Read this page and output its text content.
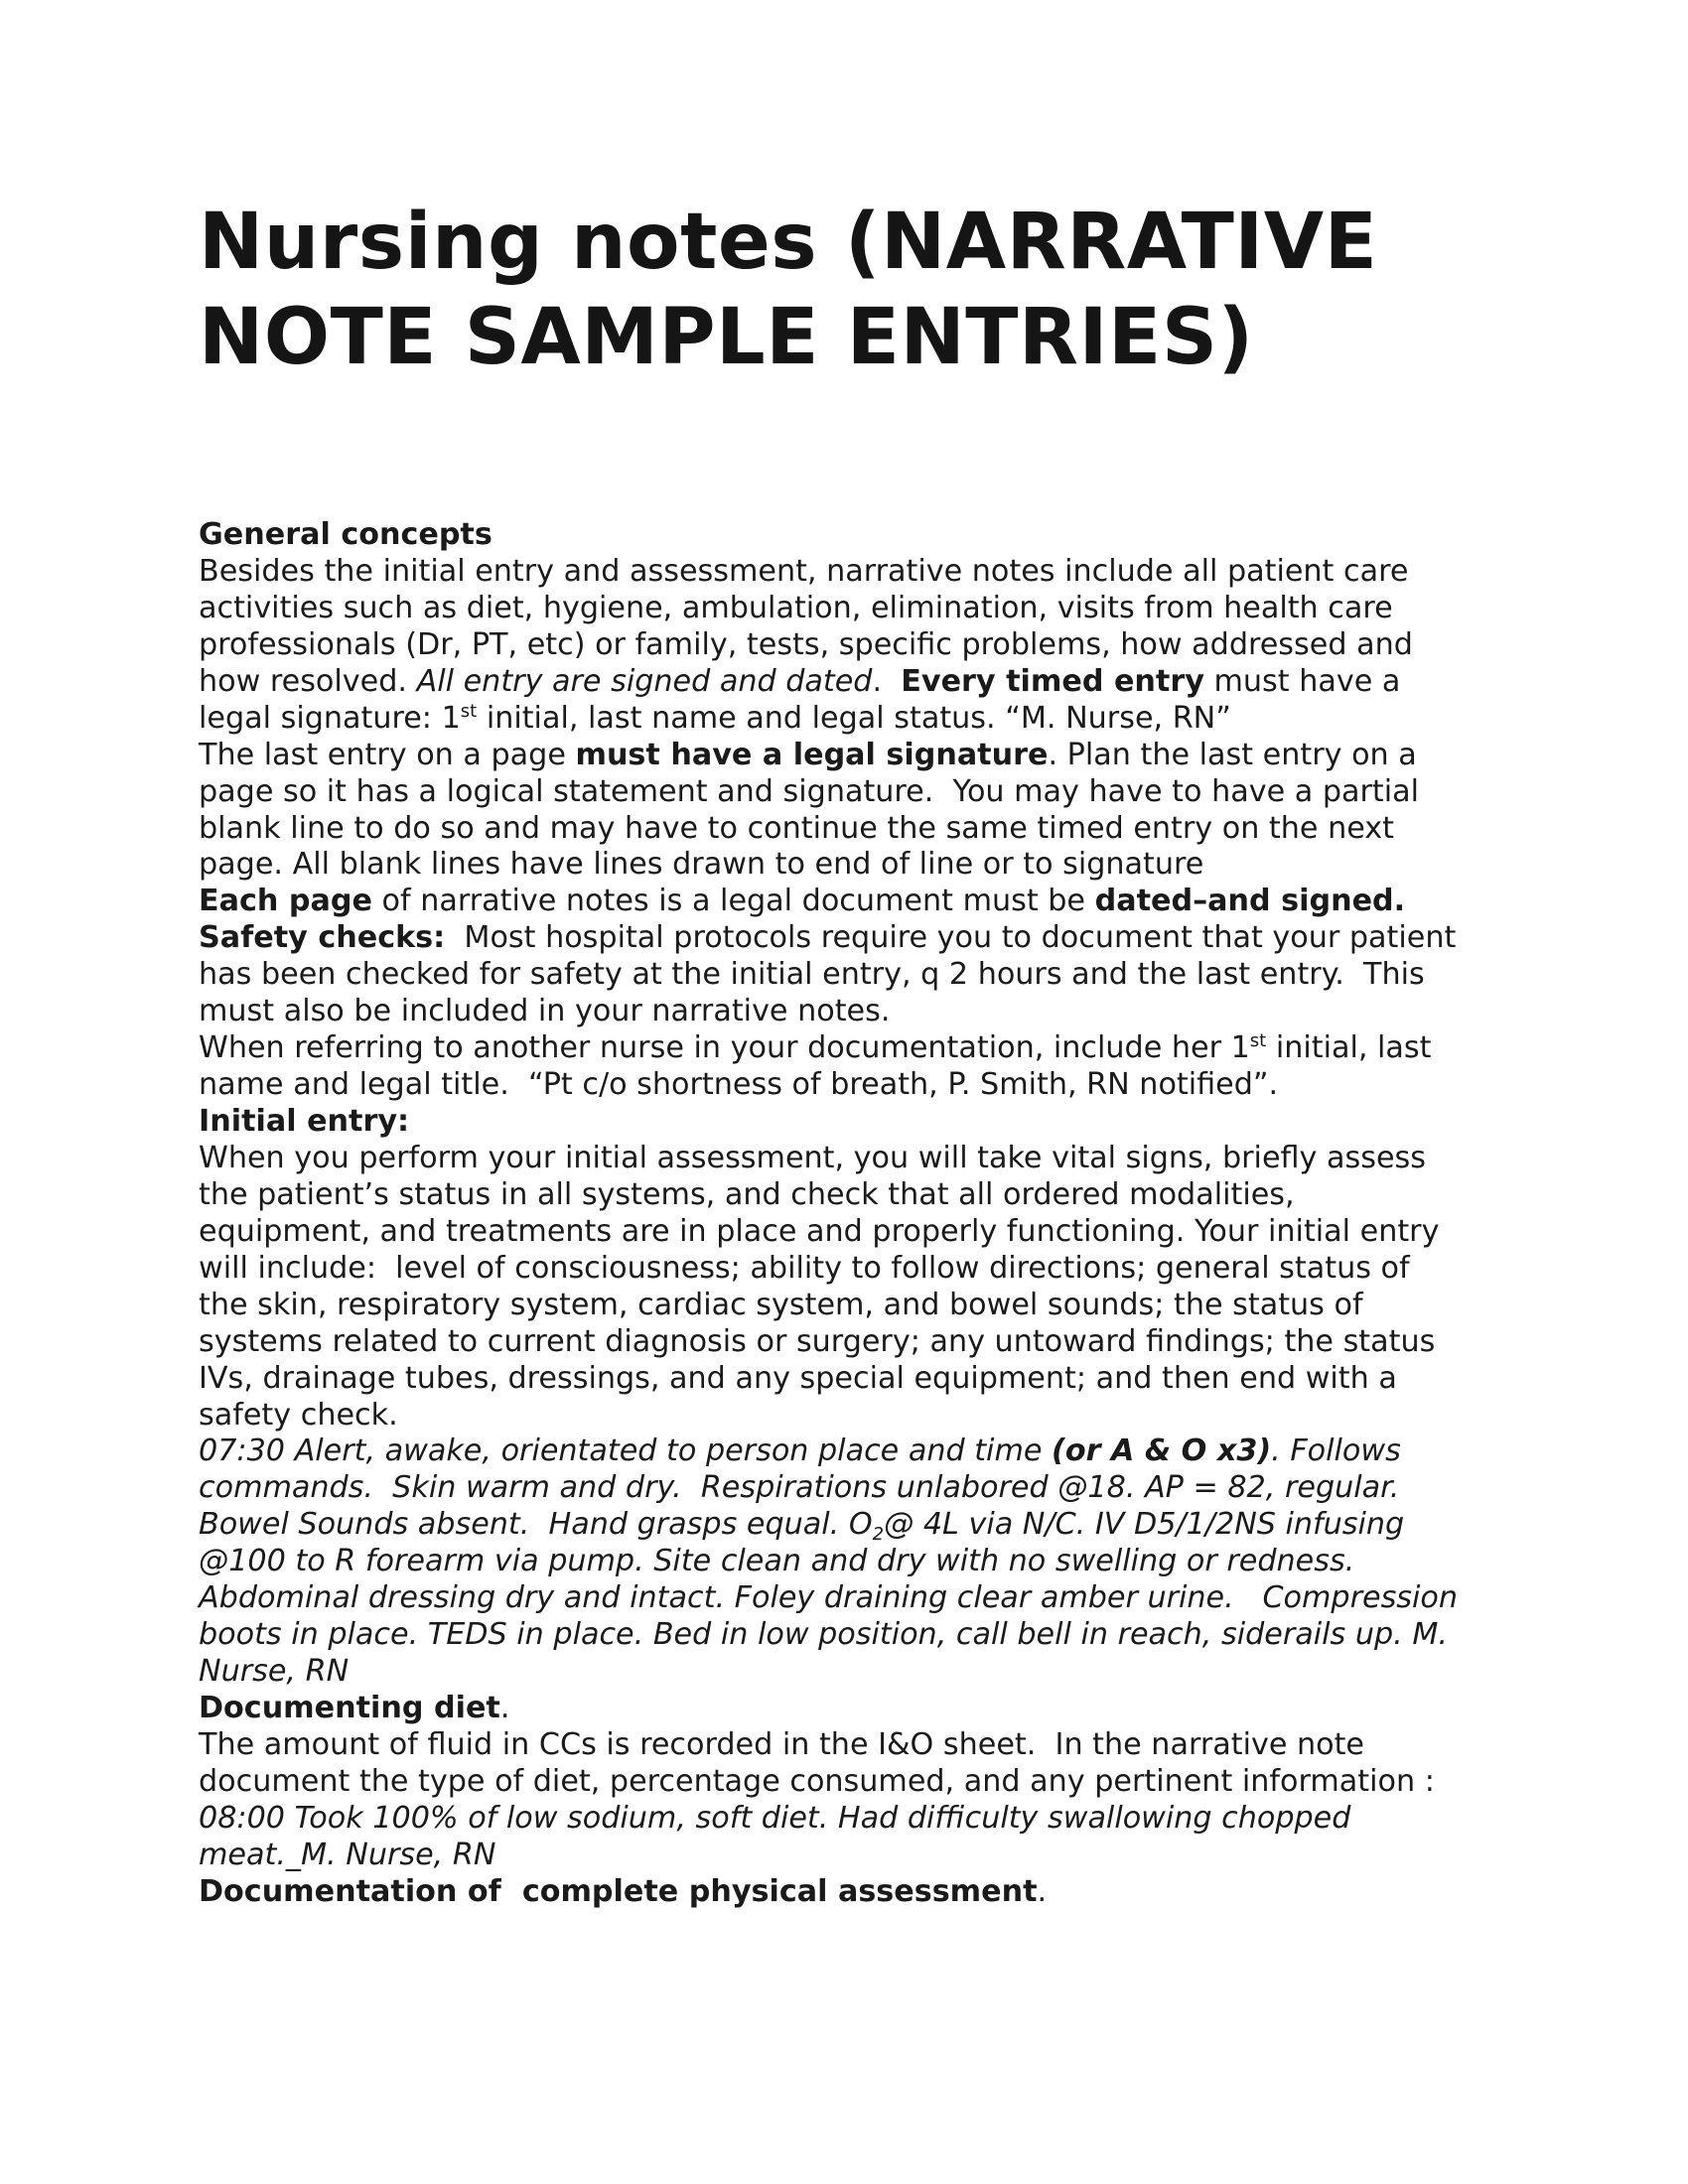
Nursing notes (NARRATIVE
NOTE SAMPLE ENTRIES)
General concepts
Besides the initial entry and assessment, narrative notes include all patient care
activities such as diet, hygiene, ambulation, elimination, visits from health care
professionals (Dr, PT, etc) or family, tests, specific problems, how addressed and
how resolved. All entry are signed and dated.  Every timed entry must have a
legal signature: 1st initial, last name and legal status. “M. Nurse, RN”
The last entry on a page must have a legal signature. Plan the last entry on a
page so it has a logical statement and signature.  You may have to have a partial
blank line to do so and may have to continue the same timed entry on the next
page. All blank lines have lines drawn to end of line or to signature
Each page of narrative notes is a legal document must be dated–and signed.
Safety checks:  Most hospital protocols require you to document that your patient
has been checked for safety at the initial entry, q 2 hours and the last entry.  This
must also be included in your narrative notes.
When referring to another nurse in your documentation, include her 1st initial, last
name and legal title.  “Pt c/o shortness of breath, P. Smith, RN notified”.
Initial entry:
When you perform your initial assessment, you will take vital signs, briefly assess
the patient’s status in all systems, and check that all ordered modalities,
equipment, and treatments are in place and properly functioning. Your initial entry
will include:  level of consciousness; ability to follow directions; general status of
the skin, respiratory system, cardiac system, and bowel sounds; the status of
systems related to current diagnosis or surgery; any untoward findings; the status
IVs, drainage tubes, dressings, and any special equipment; and then end with a
safety check.
07:30 Alert, awake, orientated to person place and time (or A & O x3). Follows
commands.  Skin warm and dry.  Respirations unlabored @18. AP = 82, regular.
Bowel Sounds absent.  Hand grasps equal. $O_2@$ 4L via N/C. IV D5/1/2NS infusing
@100 to R forearm via pump. Site clean and dry with no swelling or redness.
Abdominal dressing dry and intact. Foley draining clear amber urine.   Compression
boots in place. TEDS in place. Bed in low position, call bell in reach, siderails up. M.
Nurse, RN
Documenting diet.
The amount of fluid in CCs is recorded in the I&O sheet.  In the narrative note
document the type of diet, percentage consumed, and any pertinent information :
08:00 Took 100% of low sodium, soft diet. Had difficulty swallowing chopped
meat._M. Nurse, RN
Documentation of  complete physical assessment.
